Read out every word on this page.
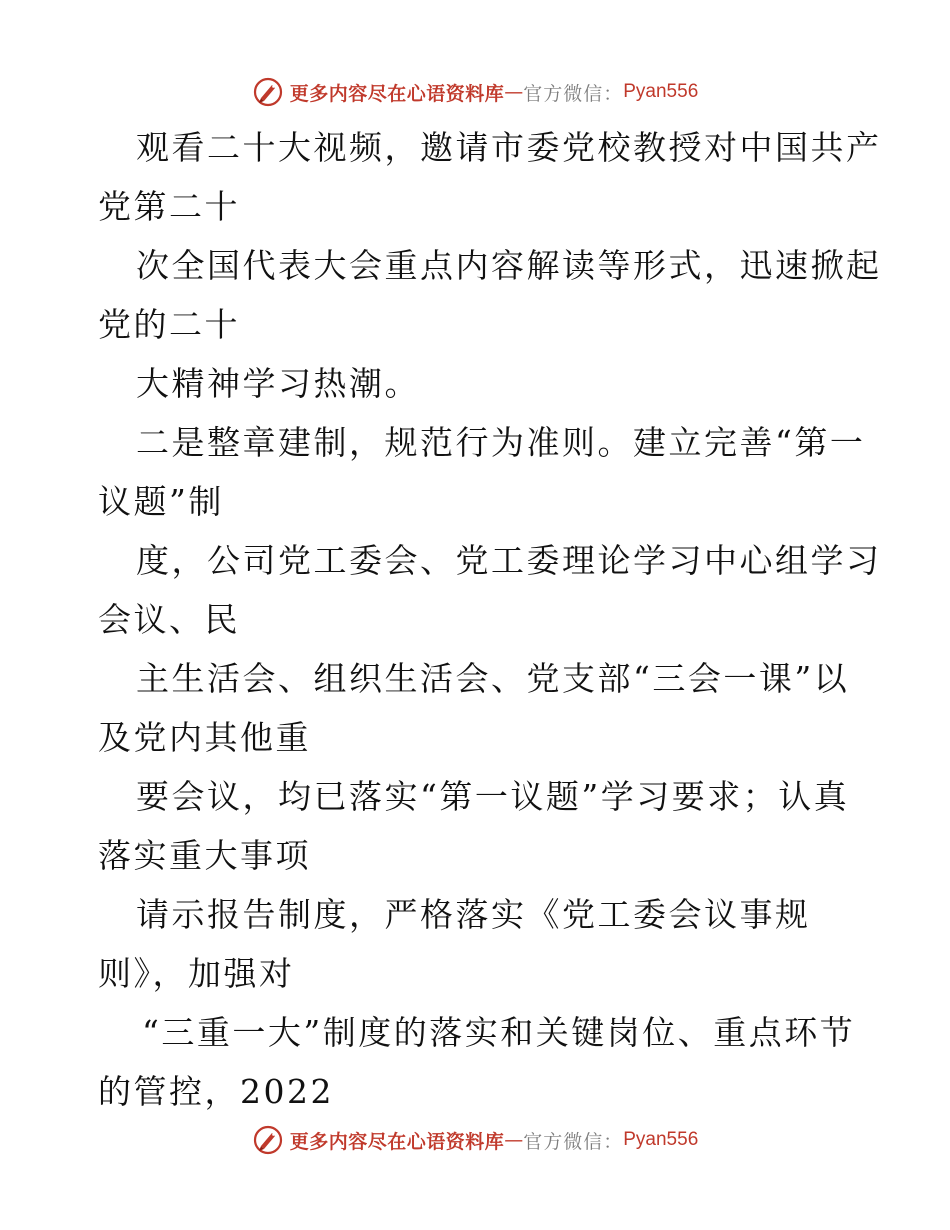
更多内容尽在心语资料库 — 官方微信： Pyan556
观看二十大视频，邀请市委党校教授对中国共产
党第二十
次全国代表大会重点内容解读等形式，迅速掀起
党的二十
大精神学习热潮。
二是整章建制，规范行为准则。建立完善“第一
议题”制
度，公司党工委会、党工委理论学习中心组学习
会议、民
主生活会、组织生活会、党支部“三会一课”以
及党内其他重
要会议，均已落实“第一议题”学习要求；认真
落实重大事项
请示报告制度，严格落实《党工委会议事规
则》，加强对
“三重一大”制度的落实和关键岗位、重点环节
的管控，2022
更多内容尽在心语资料库 — 官方微信： Pyan556
